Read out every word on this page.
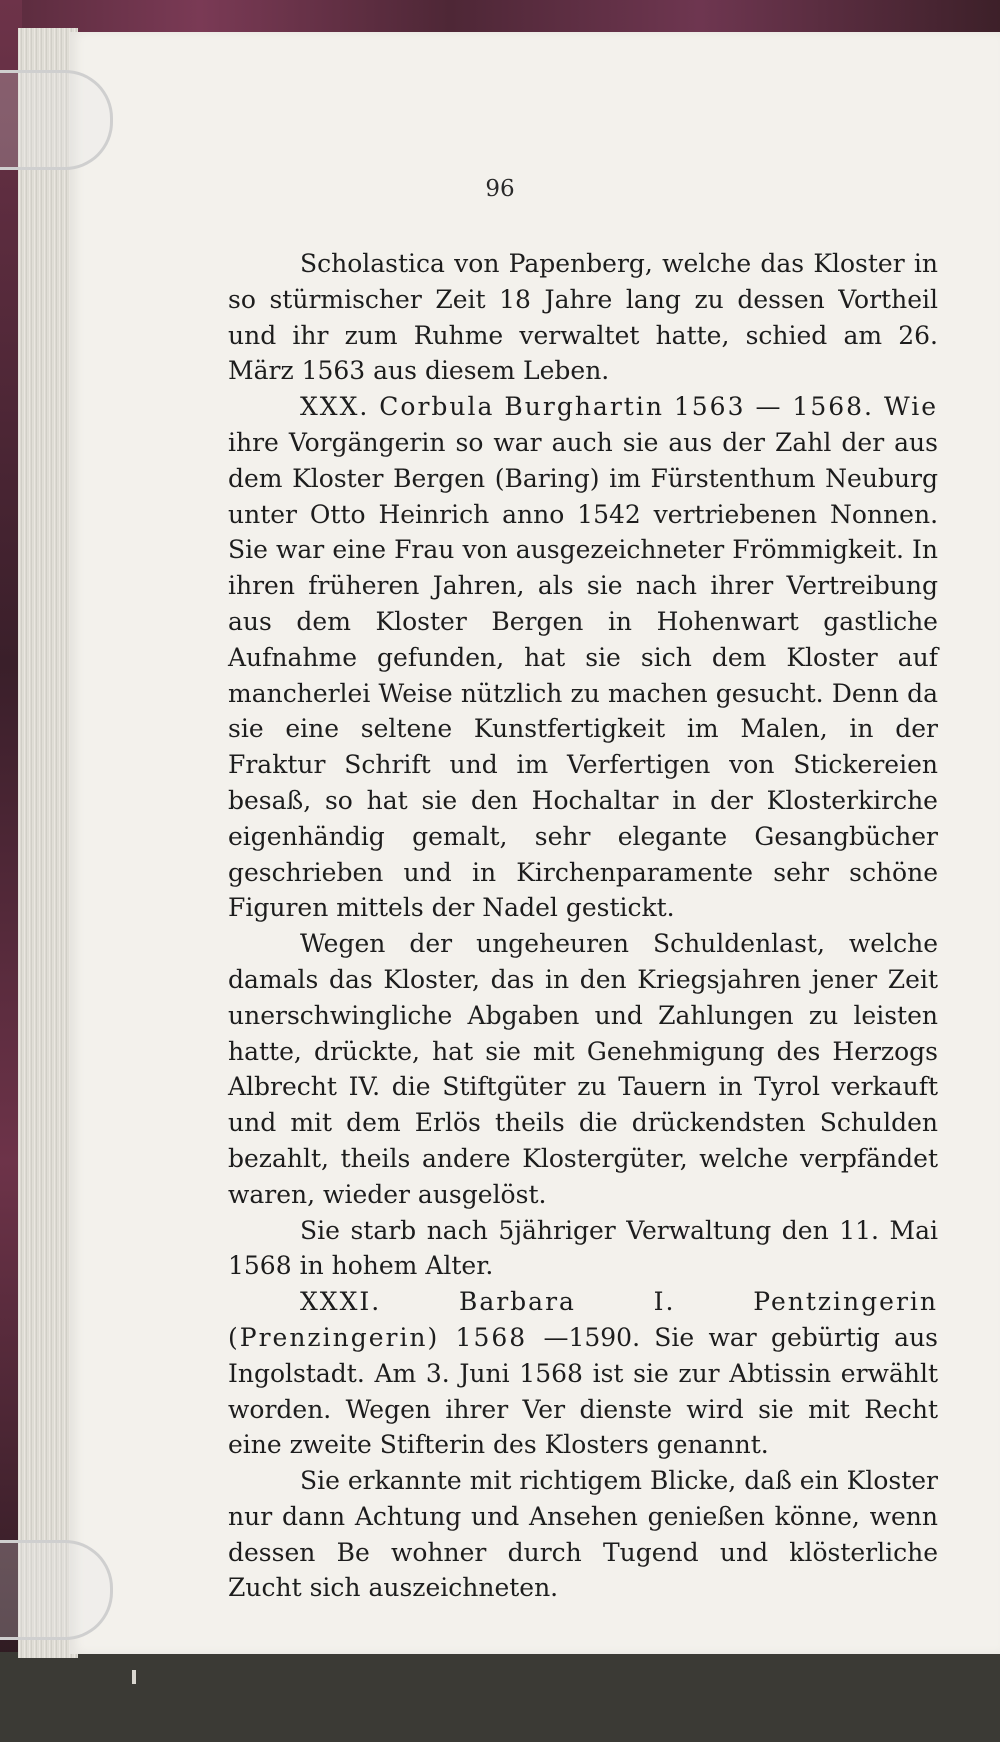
96

Scholastica von Papenberg, welche das Kloster in so stürmischer Zeit 18 Jahre lang zu dessen Vortheil und ihr zum Ruhme verwaltet hatte, schied am 26. März 1563 aus diesem Leben.

XXX. Corbula Burghartin 1563 — 1568. Wie ihre Vorgängerin so war auch sie aus der Zahl der aus dem Kloster Bergen (Baring) im Fürstenthum Neuburg unter Otto Heinrich anno 1542 vertriebenen Nonnen. Sie war eine Frau von ausgezeichneter Frömmigkeit. In ihren früheren Jahren, als sie nach ihrer Vertreibung aus dem Kloster Bergen in Hohenwart gastliche Aufnahme gefunden, hat sie sich dem Kloster auf mancherlei Weise nützlich zu machen gesucht. Denn da sie eine seltene Kunstfertigkeit im Malen, in der Fraktur Schrift und im Verfertigen von Stickereien besaß, so hat sie den Hochaltar in der Klosterkirche eigenhändig gemalt, sehr elegante Gesangbücher geschrieben und in Kirchenparamente sehr schöne Figuren mittels der Nadel gestickt.

Wegen der ungeheuren Schuldenlast, welche damals das Kloster, das in den Kriegsjahren jener Zeit unerschwingliche Abgaben und Zahlungen zu leisten hatte, drückte, hat sie mit Genehmigung des Herzogs Albrecht IV. die Stiftgüter zu Tauern in Tyrol verkauft und mit dem Erlös theils die drückendsten Schulden bezahlt, theils andere Klostergüter, welche verpfändet waren, wieder ausgelöst.

Sie starb nach 5jähriger Verwaltung den 11. Mai 1568 in hohem Alter.

XXXI. Barbara I. Pentzingerin (Prenzingerin) 1568 —1590. Sie war gebürtig aus Ingolstadt. Am 3. Juni 1568 ist sie zur Abtissin erwählt worden. Wegen ihrer Ver dienste wird sie mit Recht eine zweite Stifterin des Klosters genannt.

Sie erkannte mit richtigem Blicke, daß ein Kloster nur dann Achtung und Ansehen genießen könne, wenn dessen Be wohner durch Tugend und klösterliche Zucht sich auszeichneten.
